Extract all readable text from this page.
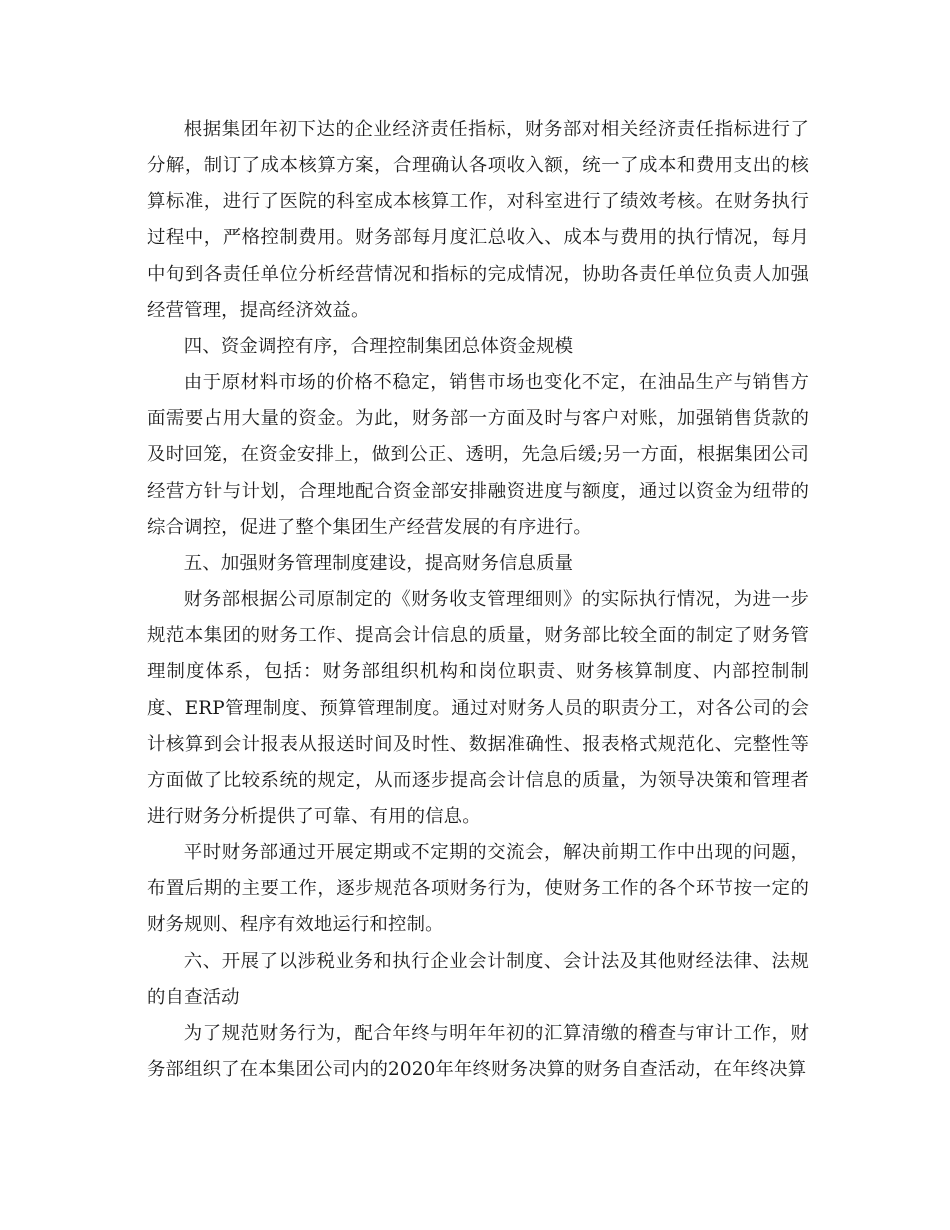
根据集团年初下达的企业经济责任指标，财务部对相关经济责任指标进行了分解，制订了成本核算方案，合理确认各项收入额，统一了成本和费用支出的核算标准，进行了医院的科室成本核算工作，对科室进行了绩效考核。在财务执行过程中，严格控制费用。财务部每月度汇总收入、成本与费用的执行情况，每月中旬到各责任单位分析经营情况和指标的完成情况，协助各责任单位负责人加强经营管理，提高经济效益。

四、资金调控有序，合理控制集团总体资金规模

由于原材料市场的价格不稳定，销售市场也变化不定，在油品生产与销售方面需要占用大量的资金。为此，财务部一方面及时与客户对账，加强销售货款的及时回笼，在资金安排上，做到公正、透明，先急后缓;另一方面，根据集团公司经营方针与计划，合理地配合资金部安排融资进度与额度，通过以资金为纽带的综合调控，促进了整个集团生产经营发展的有序进行。

五、加强财务管理制度建设，提高财务信息质量

财务部根据公司原制定的《财务收支管理细则》的实际执行情况，为进一步规范本集团的财务工作、提高会计信息的质量，财务部比较全面的制定了财务管理制度体系，包括：财务部组织机构和岗位职责、财务核算制度、内部控制制度、ERP管理制度、预算管理制度。通过对财务人员的职责分工，对各公司的会计核算到会计报表从报送时间及时性、数据准确性、报表格式规范化、完整性等方面做了比较系统的规定，从而逐步提高会计信息的质量，为领导决策和管理者进行财务分析提供了可靠、有用的信息。

平时财务部通过开展定期或不定期的交流会，解决前期工作中出现的问题，布置后期的主要工作，逐步规范各项财务行为，使财务工作的各个环节按一定的财务规则、程序有效地运行和控制。

六、开展了以涉税业务和执行企业会计制度、会计法及其他财经法律、法规的自查活动

为了规范财务行为，配合年终与明年年初的汇算清缴的稽查与审计工作，财务部组织了在本集团公司内的2020年年终财务决算的财务自查活动，在年终决算
